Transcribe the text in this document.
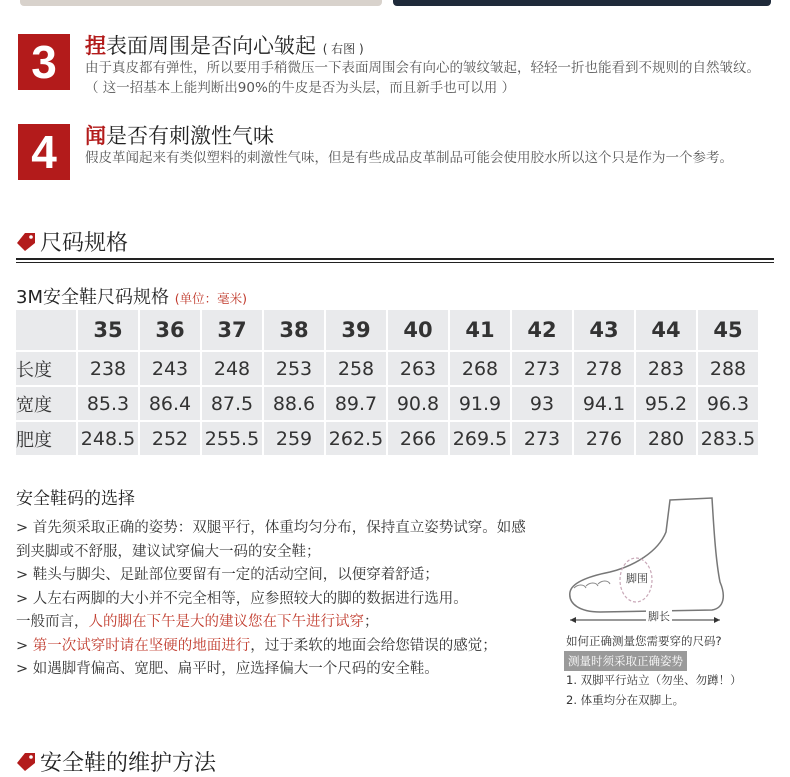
3	捏表面周围是否向心皱起 ( 右图 )
由于真皮都有弹性，所以要用手稍微压一下表面周围会有向心的皱纹皱起，轻轻一折也能看到不规则的自然皱纹。（ 这一招基本上能判断出90%的牛皮是否为头层，而且新手也可以用 ）
4	闻是否有刺激性气味
假皮革闻起来有类似塑料的刺激性气味，但是有些成品皮革制品可能会使用胶水所以这个只是作为一个参考。
尺码规格
3M安全鞋尺码规格 (单位：毫米)
	35	36	37	38	39	40	41	42	43	44	45
长度	238	243	248	253	258	263	268	273	278	283	288
宽度	85.3	86.4	87.5	88.6	89.7	90.8	91.9	93	94.1	95.2	96.3
肥度	248.5	252	255.5	259	262.5	266	269.5	273	276	280	283.5
安全鞋码的选择

> 首先须采取正确的姿势：双腿平行，体重均匀分布，保持直立姿势试穿。如感到夹脚或不舒服，建议试穿偏大一码的安全鞋；

> 鞋头与脚尖、足趾部位要留有一定的活动空间，以便穿着舒适；

> 人左右两脚的大小并不完全相等，应参照较大的脚的数据进行选用。

一般而言，人的脚在下午是大的建议您在下午进行试穿；

> 第一次试穿时请在坚硬的地面进行，过于柔软的地面会给您错误的感觉；

> 如遇脚背偏高、宽肥、扁平时，应选择偏大一个尺码的安全鞋。

脚围
脚长
如何正确测量您需要穿的尺码?
测量时须采取正确姿势
1. 双脚平行站立（勿坐、勿蹲！）
2. 体重均分在双脚上。
安全鞋的维护方法
